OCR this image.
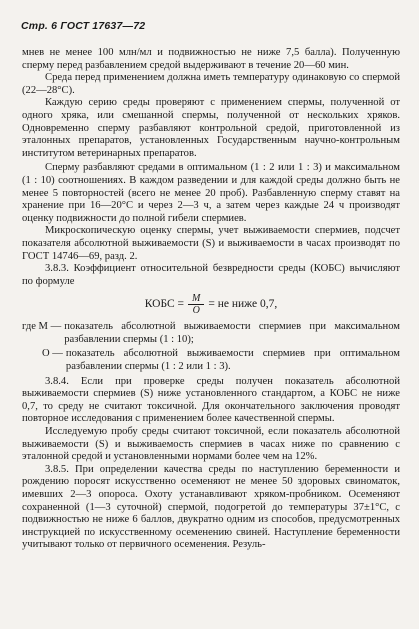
Стр. 6 ГОСТ 17637—72

мнев не менее 100 млн/мл и подвижностью не ниже 7,5 балла). Полученную сперму перед разбавлением средой выдерживают в течение 20—60 мин.

Среда перед применением должна иметь температуру одинаковую со спермой (22—28°С).

Каждую серию среды проверяют с применением спермы, полученной от одного хряка, или смешанной спермы, полученной от нескольких хряков. Одновременно сперму разбавляют контрольной средой, приготовленной из эталонных препаратов, установленных Государственным научно-контрольным институтом ветеринарных препаратов.

Сперму разбавляют средами в оптимальном (1 : 2 или 1 : 3) и максимальном (1 : 10) соотношениях. В каждом разведении и для каждой среды должно быть не менее 5 повторностей (всего не менее 20 проб). Разбавленную сперму ставят на хранение при 16—20°С и через 2—3 ч, а затем через каждые 24 ч производят оценку подвижности до полной гибели спермиев.

Микроскопическую оценку спермы, учет выживаемости спермиев, подсчет показателя абсолютной выживаемости (S) и выживаемости в часах производят по ГОСТ 14746—69, разд. 2.

3.8.3. Коэффициент относительной безвредности среды (КОБС) вычисляют по формуле

КОБС = $\frac{M}{O}$ = не ниже 0,7,
где M — показатель абсолютной выживаемости спермиев при максимальном разбавлении спермы (1 : 10);
O — показатель абсолютной выживаемости спермиев при оптимальном разбавлении спермы (1 : 2 или 1 : 3).

3.8.4. Если при проверке среды получен показатель абсолютной выживаемости спермиев (S) ниже установленного стандартом, а КОБС не ниже 0,7, то среду не считают токсичной. Для окончательного заключения проводят повторное исследования с применением более качественной спермы.

Исследуемую пробу среды считают токсичной, если показатель абсолютной выживаемости (S) и выживаемость спермиев в часах ниже по сравнению с эталонной средой и установленными нормами более чем на 12%.

3.8.5. При определении качества среды по наступлению беременности и рождению поросят искусственно осеменяют не менее 50 здоровых свиноматок, имевших 2—3 опороса. Охоту устанавливают хряком-пробником. Осеменяют сохраненной (1—3 суточной) спермой, подогретой до температуры 37±1°С, с подвижностью не ниже 6 баллов, двукратно одним из способов, предусмотренных инструкцией по искусственному осеменению свиней. Наступление беременности учитывают только от первичного осеменения. Резуль-
